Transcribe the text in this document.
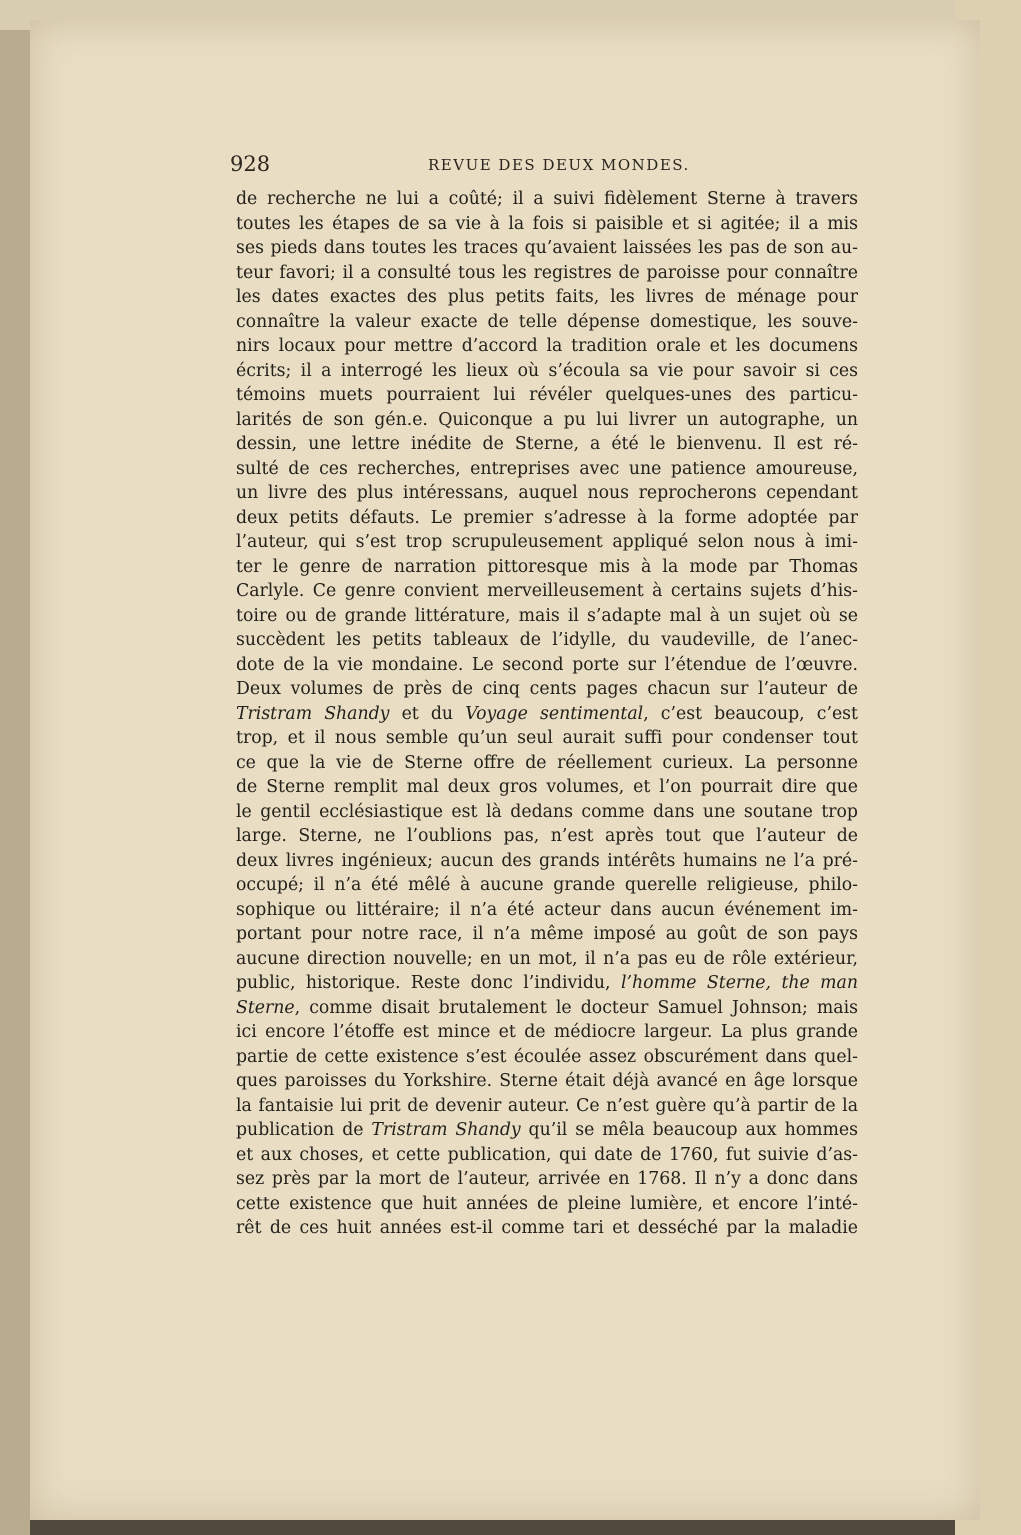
928	REVUE DES DEUX MONDES.
de recherche ne lui a coûté; il a suivi fidèlement Sterne à travers
toutes les étapes de sa vie à la fois si paisible et si agitée; il a mis
ses pieds dans toutes les traces qu’avaient laissées les pas de son au-
teur favori; il a consulté tous les registres de paroisse pour connaître
les dates exactes des plus petits faits, les livres de ménage pour
connaître la valeur exacte de telle dépense domestique, les souve-
nirs locaux pour mettre d’accord la tradition orale et les documens
écrits; il a interrogé les lieux où s’écoula sa vie pour savoir si ces
témoins muets pourraient lui révéler quelques-unes des particu-
larités de son gén.e. Quiconque a pu lui livrer un autographe, un
dessin, une lettre inédite de Sterne, a été le bienvenu. Il est ré-
sulté de ces recherches, entreprises avec une patience amoureuse,
un livre des plus intéressans, auquel nous reprocherons cependant
deux petits défauts. Le premier s’adresse à la forme adoptée par
l’auteur, qui s’est trop scrupuleusement appliqué selon nous à imi-
ter le genre de narration pittoresque mis à la mode par Thomas
Carlyle. Ce genre convient merveilleusement à certains sujets d’his-
toire ou de grande littérature, mais il s’adapte mal à un sujet où se
succèdent les petits tableaux de l’idylle, du vaudeville, de l’anec-
dote de la vie mondaine. Le second porte sur l’étendue de l’œuvre.
Deux volumes de près de cinq cents pages chacun sur l’auteur de
Tristram Shandy et du Voyage sentimental, c’est beaucoup, c’est
trop, et il nous semble qu’un seul aurait suffi pour condenser tout
ce que la vie de Sterne offre de réellement curieux. La personne
de Sterne remplit mal deux gros volumes, et l’on pourrait dire que
le gentil ecclésiastique est là dedans comme dans une soutane trop
large. Sterne, ne l’oublions pas, n’est après tout que l’auteur de
deux livres ingénieux; aucun des grands intérêts humains ne l’a pré-
occupé; il n’a été mêlé à aucune grande querelle religieuse, philo-
sophique ou littéraire; il n’a été acteur dans aucun événement im-
portant pour notre race, il n’a même imposé au goût de son pays
aucune direction nouvelle; en un mot, il n’a pas eu de rôle extérieur,
public, historique. Reste donc l’individu, l’homme Sterne, the man
Sterne, comme disait brutalement le docteur Samuel Johnson; mais
ici encore l’étoffe est mince et de médiocre largeur. La plus grande
partie de cette existence s’est écoulée assez obscurément dans quel-
ques paroisses du Yorkshire. Sterne était déjà avancé en âge lorsque
la fantaisie lui prit de devenir auteur. Ce n’est guère qu’à partir de la
publication de Tristram Shandy qu’il se mêla beaucoup aux hommes
et aux choses, et cette publication, qui date de 1760, fut suivie d’as-
sez près par la mort de l’auteur, arrivée en 1768. Il n’y a donc dans
cette existence que huit années de pleine lumière, et encore l’inté-
rêt de ces huit années est-il comme tari et desséché par la maladie
